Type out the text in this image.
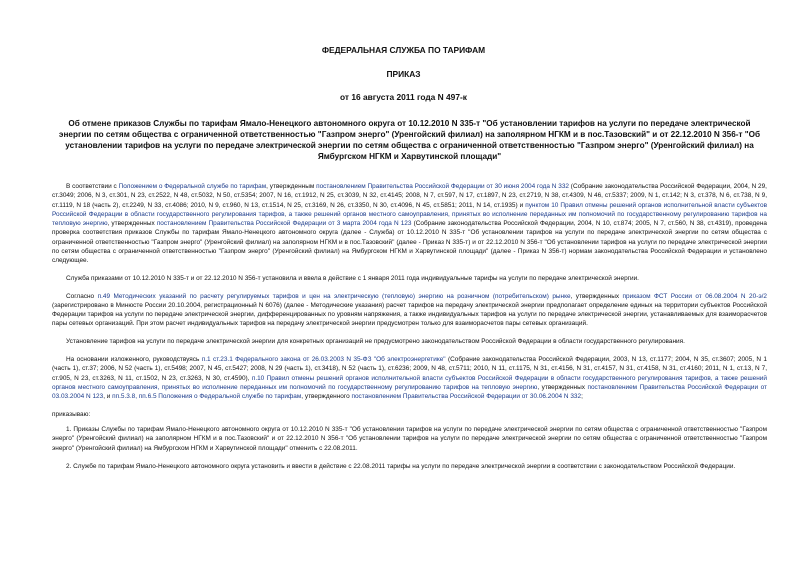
ФЕДЕРАЛЬНАЯ СЛУЖБА ПО ТАРИФАМ
ПРИКАЗ
от 16 августа 2011 года N 497-к
Об отмене приказов Службы по тарифам Ямало-Ненецкого автономного округа от 10.12.2010 N 335-т "Об установлении тарифов на услуги по передаче электрической энергии по сетям общества с ограниченной ответственностью "Газпром энерго" (Уренгойский филиал) на заполярном НГКМ и в пос.Тазовский" и от 22.12.2010 N 356-т "Об установлении тарифов на услуги по передаче электрической энергии по сетям общества с ограниченной ответственностью "Газпром энерго" (Уренгойский филиал) на Ямбургском НГКМ и Харвутинской площади"

В соответствии с Положением о Федеральной службе по тарифам, утвержденным постановлением Правительства Российской Федерации от 30 июня 2004 года N 332 (Собрание законодательства Российской Федерации, 2004, N 29, ст.3049; 2006, N 3, ст.301, N 23, ст.2522, N 48, ст.5032, N 50, ст.5354; 2007, N 16, ст.1912, N 25, ст.3039, N 32, ст.4145; 2008, N 7, ст.597, N 17, ст.1897, N 23, ст.2719, N 38, ст.4309, N 46, ст.5337; 2009, N 1, ст.142; N 3, ст.378, N 6, ст.738, N 9, ст.1119, N 18 (часть 2), ст.2249, N 33, ст.4086; 2010, N 9, ст.960, N 13, ст.1514, N 25, ст.3169, N 26, ст.3350, N 30, ст.4096, N 45, ст.5851; 2011, N 14, ст.1935) и пунктом 10 Правил отмены решений органов исполнительной власти субъектов Российской Федерации в области государственного регулирования тарифов, а также решений органов местного самоуправления, принятых во исполнение переданных им полномочий по государственному регулированию тарифов на тепловую энергию, утвержденных постановлением Правительства Российской Федерации от 3 марта 2004 года N 123 (Собрание законодательства Российской Федерации, 2004, N 10, ст.874; 2005, N 7, ст.560, N 38, ст.4319), проведена проверка соответствия приказов Службы по тарифам Ямало-Ненецкого автономного округа (далее - Служба) от 10.12.2010 N 335-т "Об установлении тарифов на услуги по передаче электрической энергии по сетям общества с ограниченной ответственностью "Газпром энерго" (Уренгойский филиал) на заполярном НГКМ и в пос.Тазовский" (далее - Приказ N 335-т) и от 22.12.2010 N 356-т "Об установлении тарифов на услуги по передаче электрической энергии по сетям общества с ограниченной ответственностью "Газпром энерго" (Уренгойский филиал) на Ямбургском НГКМ и Харвутинской площади" (далее - Приказ N 356-т) нормам законодательства Российской Федерации и установлено следующее.

Служба приказами от 10.12.2010 N 335-т и от 22.12.2010 N 356-т установила и ввела в действие с 1 января 2011 года индивидуальные тарифы на услуги по передаче электрической энергии.

Согласно п.49 Методических указаний по расчету регулируемых тарифов и цен на электрическую (тепловую) энергию на розничном (потребительском) рынке, утвержденных приказом ФСТ России от 06.08.2004 N 20-э/2 (зарегистрировано в Минюсте России 20.10.2004, регистрационный N 6076) (далее - Методические указания) расчет тарифов на передачу электрической энергии предполагает определение единых на территории субъектов Российской Федерации тарифов на услуги по передаче электрической энергии, дифференцированных по уровням напряжения, а также индивидуальных тарифов на услуги по передаче электрической энергии, устанавливаемых для взаиморасчетов пары сетевых организаций. При этом расчет индивидуальных тарифов на передачу электрической энергии предусмотрен только для взаиморасчетов пары сетевых организаций.

Установление тарифов на услуги по передаче электрической энергии для конкретных организаций не предусмотрено законодательством Российской Федерации в области государственного регулирования.

На основании изложенного, руководствуясь п.1 ст.23.1 Федерального закона от 26.03.2003 N 35-ФЗ "Об электроэнергетике" (Собрание законодательства Российской Федерации, 2003, N 13, ст.1177; 2004, N 35, ст.3607; 2005, N 1 (часть 1), ст.37; 2006, N 52 (часть 1), ст.5498; 2007, N 45, ст.5427; 2008, N 29 (часть 1), ст.3418), N 52 (часть 1), ст.6236; 2009, N 48, ст.5711; 2010, N 11, ст.1175, N 31, ст.4156, N 31, ст.4157, N 31, ст.4158, N 31, ст.4160; 2011, N 1, ст.13, N 7, ст.905, N 23, ст.3263, N 11, ст.1502, N 23, ст.3263, N 30, ст.4590), п.10 Правил отмены решений органов исполнительной власти субъектов Российской Федерации в области государственного регулирования тарифов, а также решений органов местного самоуправления, принятых во исполнение переданных им полномочий по государственному регулированию тарифов на тепловую энергию, утвержденных постановлением Правительства Российской Федерации от 03.03.2004 N 123, и пп.5.3.8, пп.6.5 Положения о Федеральной службе по тарифам, утвержденного постановлением Правительства Российской Федерации от 30.06.2004 N 332;

приказываю:

1. Приказы Службы по тарифам Ямало-Ненецкого автономного округа от 10.12.2010 N 335-т "Об установлении тарифов на услуги по передаче электрической энергии по сетям общества с ограниченной ответственностью "Газпром энерго" (Уренгойский филиал) на заполярном НГКМ и в пос.Тазовский" и от 22.12.2010 N 356-т "Об установлении тарифов на услуги по передаче электрической энергии по сетям общества с ограниченной ответственностью "Газпром энерго" (Уренгойский филиал) на Ямбургском НГКМ и Харвутинской площади" отменить с 22.08.2011.

2. Службе по тарифам Ямало-Ненецкого автономного округа установить и ввести в действие с 22.08.2011 тарифы на услуги по передаче электрической энергии в соответствии с законодательством Российской Федерации.
